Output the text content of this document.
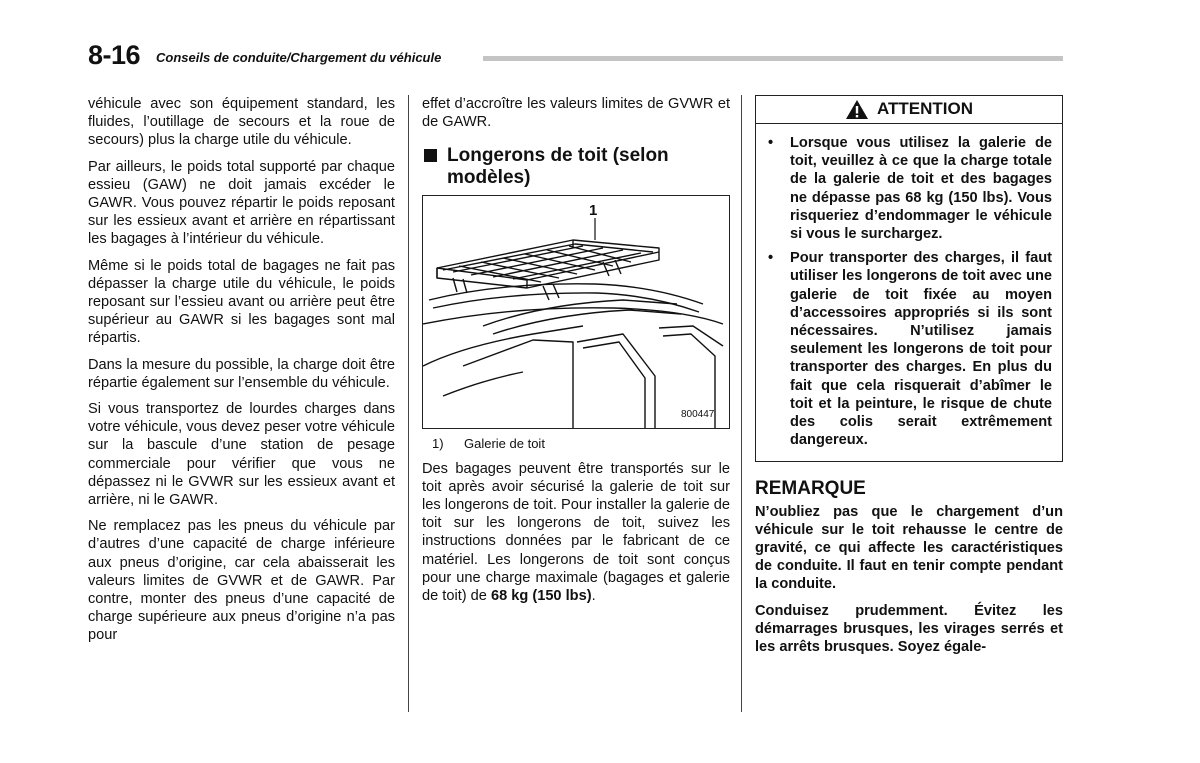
8-16 Conseils de conduite/Chargement du véhicule

véhicule avec son équipement standard, les fluides, l’outillage de secours et la roue de secours) plus la charge utile du véhicule.

Par ailleurs, le poids total supporté par chaque essieu (GAW) ne doit jamais excéder le GAWR. Vous pouvez répartir le poids reposant sur les essieux avant et arrière en répartissant les bagages à l’intérieur du véhicule.

Même si le poids total de bagages ne fait pas dépasser la charge utile du véhicule, le poids reposant sur l’essieu avant ou arrière peut être supérieur au GAWR si les bagages sont mal répartis.

Dans la mesure du possible, la charge doit être répartie également sur l’ensemble du véhicule.

Si vous transportez de lourdes charges dans votre véhicule, vous devez peser votre véhicule sur la bascule d’une station de pesage commerciale pour vérifier que vous ne dépassez ni le GVWR sur les essieux avant et arrière, ni le GAWR.

Ne remplacez pas les pneus du véhicule par d’autres d’une capacité de charge inférieure aux pneus d’origine, car cela abaisserait les valeurs limites de GVWR et de GAWR. Par contre, monter des pneus d’une capacité de charge supérieure aux pneus d’origine n’a pas pour

effet d’accroître les valeurs limites de GVWR et de GAWR.

Longerons de toit (selon modèles)
1
800447
1) Galerie de toit

Des bagages peuvent être transportés sur le toit après avoir sécurisé la galerie de toit sur les longerons de toit. Pour installer la galerie de toit sur les longerons de toit, suivez les instructions données par le fabricant de ce matériel. Les longerons de toit sont conçus pour une charge maximale (bagages et galerie de toit) de 68 kg (150 lbs).

ATTENTION
•	Lorsque vous utilisez la galerie de toit, veuillez à ce que la charge totale de la galerie de toit et des bagages ne dépasse pas 68 kg (150 lbs). Vous risqueriez d’endommager le véhicule si vous le surchargez.
•	Pour transporter des charges, il faut utiliser les longerons de toit avec une galerie de toit fixée au moyen d’accessoires appropriés si ils sont nécessaires. N’utilisez jamais seulement les longerons de toit pour transporter des charges. En plus du fait que cela risquerait d’abîmer le toit et la peinture, le risque de chute des colis serait extrêmement dangereux.
REMARQUE

N’oubliez pas que le chargement d’un véhicule sur le toit rehausse le centre de gravité, ce qui affecte les caractéristiques de conduite. Il faut en tenir compte pendant la conduite.

Conduisez prudemment. Évitez les démarrages brusques, les virages serrés et les arrêts brusques. Soyez égale-
